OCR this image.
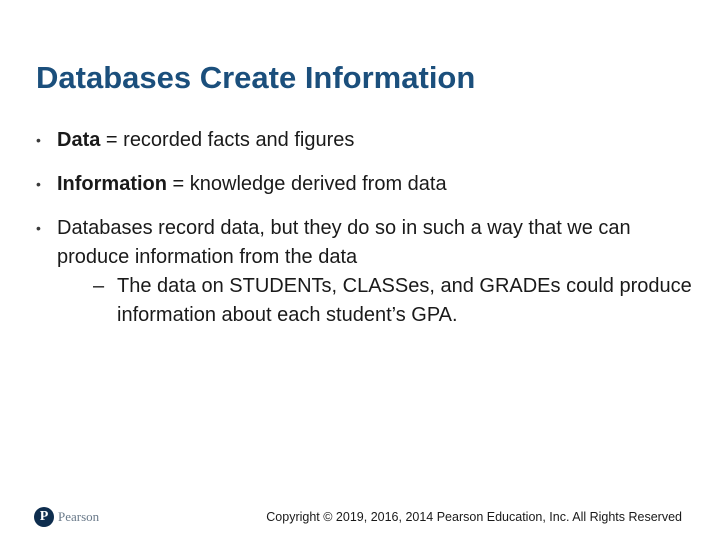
Databases Create Information
• Data = recorded facts and figures
• Information = knowledge derived from data
• Databases record data, but they do so in such a way that we can produce information from the data
– The data on STUDENTs, CLASSes, and GRADEs could produce information about each student’s GPA.
P Pearson	Copyright © 2019, 2016, 2014 Pearson Education, Inc. All Rights Reserved
